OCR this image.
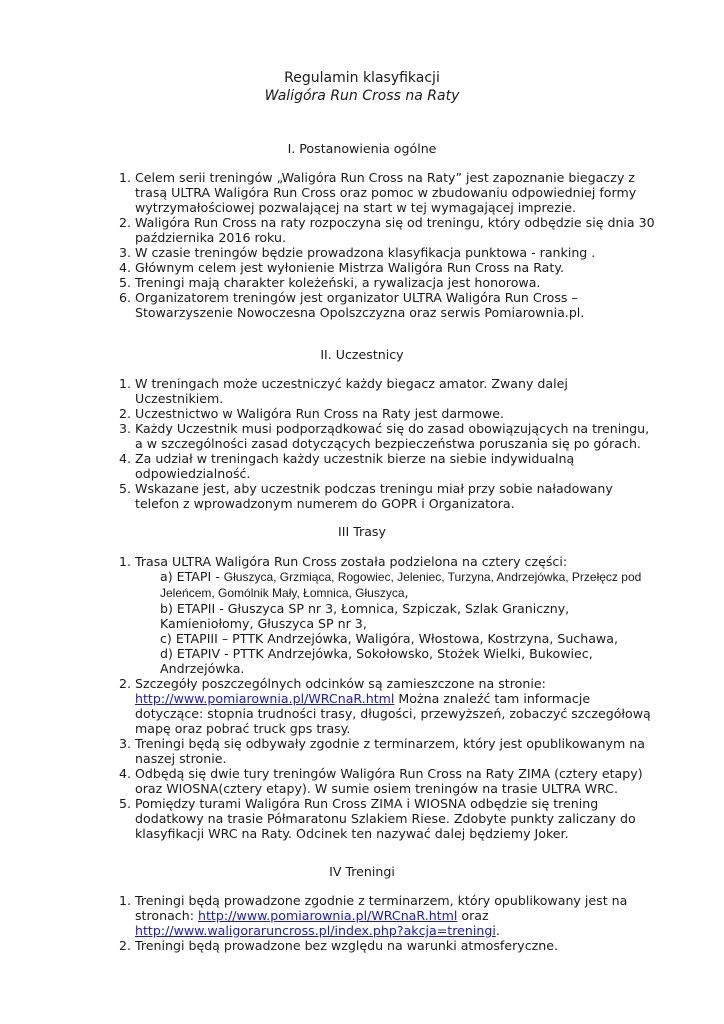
Regulamin klasyfikacji
Waligóra Run Cross na Raty
I. Postanowienia ogólne
1. Celem serii treningów „Waligóra Run Cross na Raty” jest zapoznanie biegaczy z trasą ULTRA Waligóra Run Cross oraz pomoc w zbudowaniu odpowiedniej formy wytrzymałościowej pozwalającej na start w tej wymagającej imprezie.
2. Waligóra Run Cross na raty rozpoczyna się od treningu, który odbędzie się dnia 30 października 2016 roku.
3. W czasie treningów będzie prowadzona klasyfikacja punktowa - ranking .
4. Głównym celem jest wyłonienie Mistrza Waligóra Run Cross na Raty.
5. Treningi mają charakter koleżeński, a rywalizacja jest honorowa.
6. Organizatorem treningów jest organizator ULTRA Waligóra Run Cross – Stowarzyszenie Nowoczesna Opolszczyzna oraz serwis Pomiarownia.pl.
II. Uczestnicy
1. W treningach może uczestniczyć każdy biegacz amator. Zwany dalej Uczestnikiem.
2. Uczestnictwo w Waligóra Run Cross na Raty jest darmowe.
3. Każdy Uczestnik musi podporządkować się do zasad obowiązujących na treningu, a w szczególności zasad dotyczących bezpieczeństwa poruszania się po górach.
4. Za udział w treningach każdy uczestnik bierze na siebie indywidualną odpowiedzialność.
5. Wskazane jest, aby uczestnik podczas treningu miał przy sobie naładowany telefon z wprowadzonym numerem do GOPR i Organizatora.
III Trasy
1. Trasa ULTRA Waligóra Run Cross została podzielona na cztery części:
a) ETAPI - Głuszyca, Grzmiąca, Rogowiec, Jeleniec, Turzyna, Andrzejówka, Przełęcz pod Jeleńcem, Gomólnik Mały, Łomnica, Głuszyca,
b) ETAPII - Głuszyca SP nr 3, Łomnica, Szpiczak, Szlak Graniczny, Kamieniołomy, Głuszyca SP nr 3,
c) ETAPIII – PTTK Andrzejówka, Waligóra, Włostowa, Kostrzyna, Suchawa,
d) ETAPIV - PTTK Andrzejówka, Sokołowsko, Stożek Wielki, Bukowiec, Andrzejówka.
2. Szczegóły poszczególnych odcinków są zamieszczone na stronie:
http://www.pomiarownia.pl/WRCnaR.html Można znaleźć tam informacje dotyczące: stopnia trudności trasy, długości, przewyższeń, zobaczyć szczegółową mapę oraz pobrać truck gps trasy.
3. Treningi będą się odbywały zgodnie z terminarzem, który jest opublikowanym na naszej stronie.
4. Odbędą się dwie tury treningów Waligóra Run Cross na Raty ZIMA (cztery etapy) oraz WIOSNA(cztery etapy). W sumie osiem treningów na trasie ULTRA WRC.
5. Pomiędzy turami Waligóra Run Cross ZIMA i WIOSNA odbędzie się trening dodatkowy na trasie Półmaratonu Szlakiem Riese. Zdobyte punkty zaliczany do klasyfikacji WRC na Raty. Odcinek ten nazywać dalej będziemy Joker.
IV Treningi
1. Treningi będą prowadzone zgodnie z terminarzem, który opublikowany jest na stronach: http://www.pomiarownia.pl/WRCnaR.html oraz http://www.waligoraruncross.pl/index.php?akcja=treningi.
2. Treningi będą prowadzone bez względu na warunki atmosferyczne.
